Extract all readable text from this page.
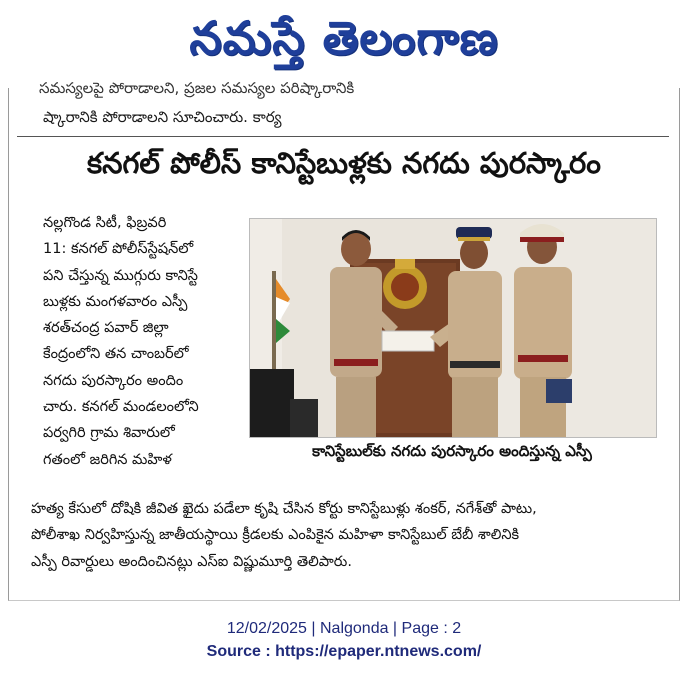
నమస్తే తెలంగాణ
సమస్యలపై పోరాడాలని, ప్రజల సమస్యల పరిష్కారానికి
ష్కారానికి పోరాడాలని సూచించారు. కార్య
కనగల్ పోలీస్ కానిస్టేబుళ్లకు నగదు పురస్కారం
నల్లగొండ సిటీ, ఫిబ్రవరి
11: కనగల్ పోలీస్‌స్టేషన్‌లో
పని చేస్తున్న ముగ్గురు కానిస్టే
బుళ్లకు మంగళవారం ఎస్పీ
శరత్‌చంద్ర పవార్ జిల్లా
కేంద్రంలోని తన చాంబర్‌లో
నగదు పురస్కారం అందిం
చారు. కనగల్ మండలంలోని
పర్వగిరి గ్రామ శివారులో
గతంలో జరిగిన మహిళ	కానిస్టేబుల్‌కు నగదు పురస్కారం అందిస్తున్న ఎస్పీ
హత్య కేసులో దోషికి జీవిత ఖైదు పడేలా కృషి చేసిన కోర్టు కానిస్టేబుళ్లు శంకర్, నగేశ్‌తో పాటు,
పోలీశాఖ నిర్వహిస్తున్న జాతీయస్థాయి క్రీడలకు ఎంపికైన మహిళా కానిస్టేబుల్ బేబీ శాలినికి
ఎస్పీ రివార్డులు అందించినట్లు ఎస్ఐ విష్ణుమూర్తి తెలిపారు.
12/02/2025 | Nalgonda | Page : 2
Source : https://epaper.ntnews.com/
